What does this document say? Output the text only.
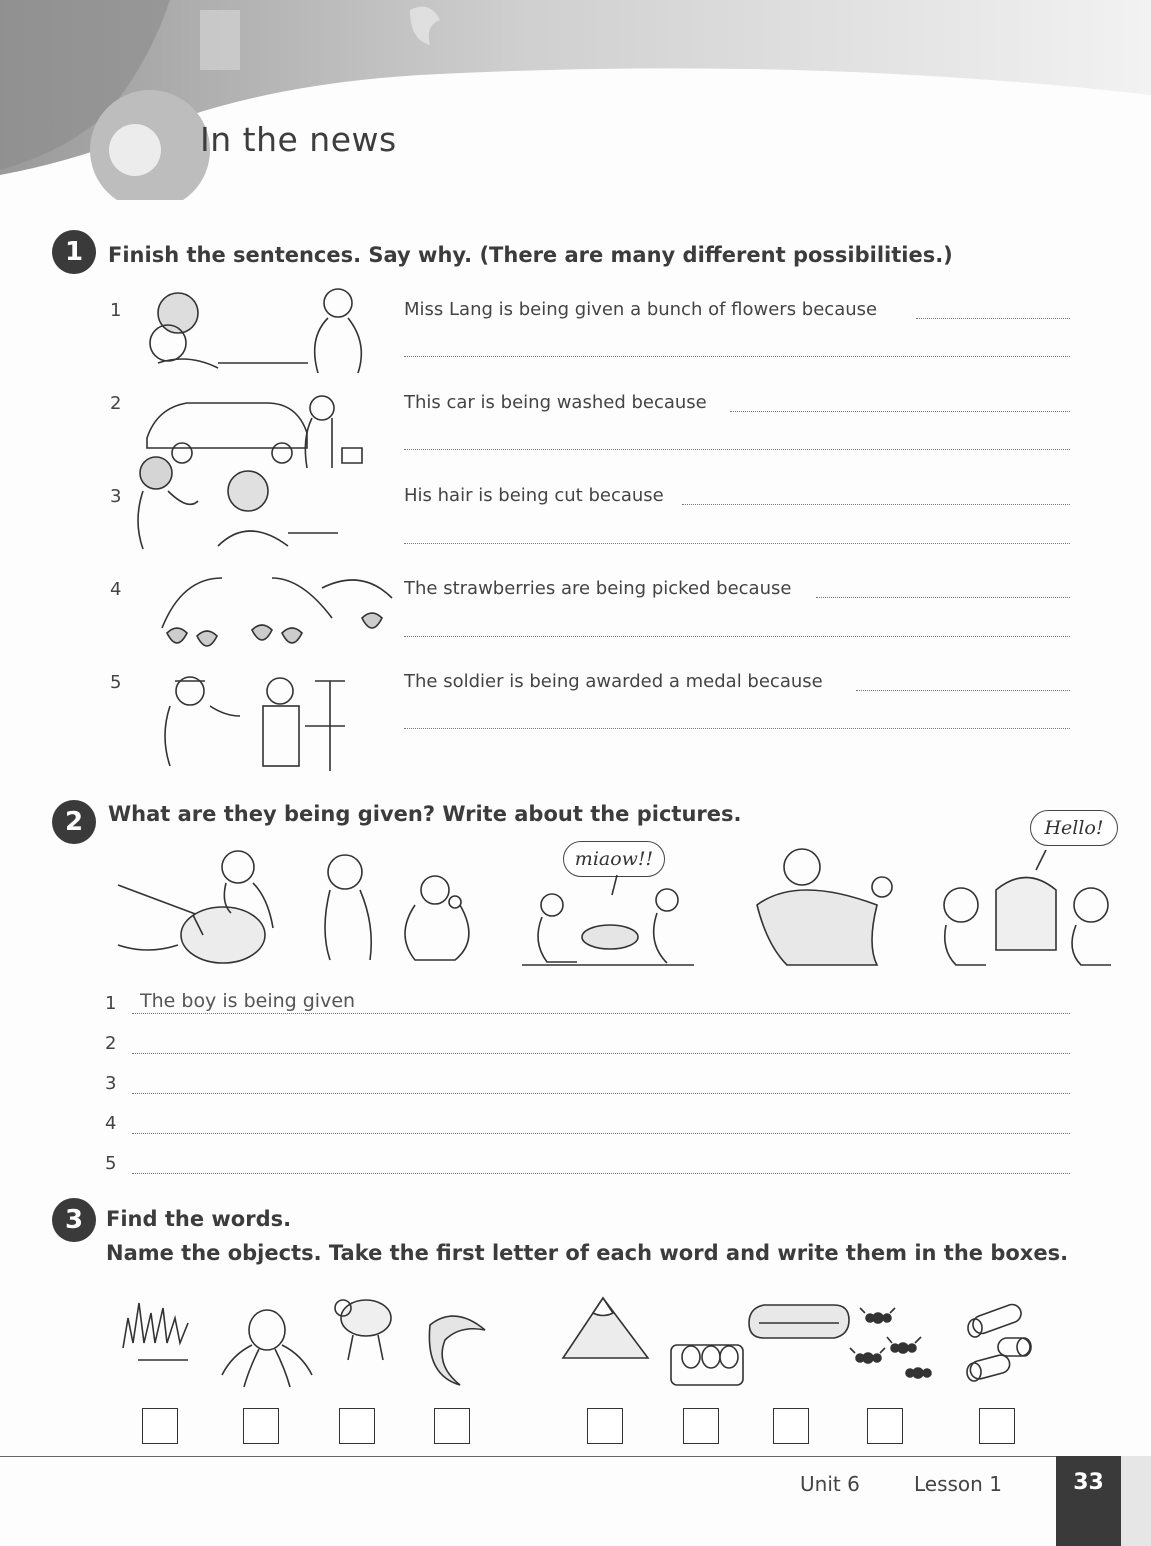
In the news
1	Finish the sentences. Say why. (There are many different possibilities.)
1	Miss Lang is being given a bunch of flowers because
2	This car is being washed because
3	His hair is being cut because
4	The strawberries are being picked because
5	The soldier is being awarded a medal because
2	What are they being given? Write about the pictures.
miaow!!
Hello!
1 The boy is being given
2
3
4
5
3	Find the words.
Name the objects. Take the first letter of each word and write them in the boxes.
Unit 6	Lesson 1	33
